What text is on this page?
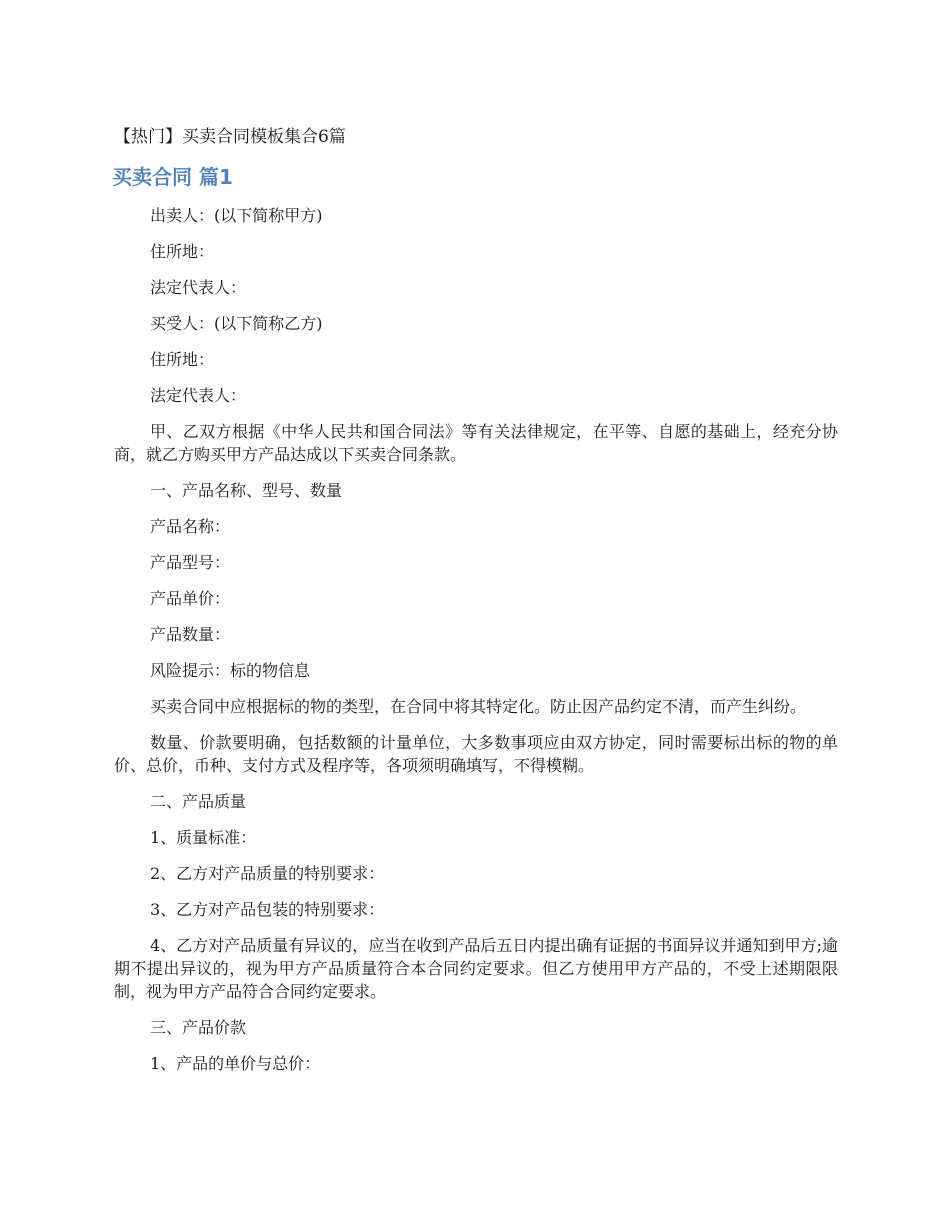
【热门】买卖合同模板集合6篇
买卖合同 篇1

出卖人：(以下简称甲方)

住所地：

法定代表人：

买受人：(以下简称乙方)

住所地：

法定代表人：

甲、乙双方根据《中华人民共和国合同法》等有关法律规定，在平等、自愿的基础上，经充分协商，就乙方购买甲方产品达成以下买卖合同条款。

一、产品名称、型号、数量

产品名称：

产品型号：

产品单价：

产品数量：

风险提示：标的物信息

买卖合同中应根据标的物的类型，在合同中将其特定化。防止因产品约定不清，而产生纠纷。

数量、价款要明确，包括数额的计量单位，大多数事项应由双方协定，同时需要标出标的物的单价、总价，币种、支付方式及程序等，各项须明确填写，不得模糊。

二、产品质量

1、质量标准：

2、乙方对产品质量的特别要求：

3、乙方对产品包装的特别要求：

4、乙方对产品质量有异议的，应当在收到产品后五日内提出确有证据的书面异议并通知到甲方;逾期不提出异议的，视为甲方产品质量符合本合同约定要求。但乙方使用甲方产品的，不受上述期限限制，视为甲方产品符合合同约定要求。

三、产品价款

1、产品的单价与总价：
